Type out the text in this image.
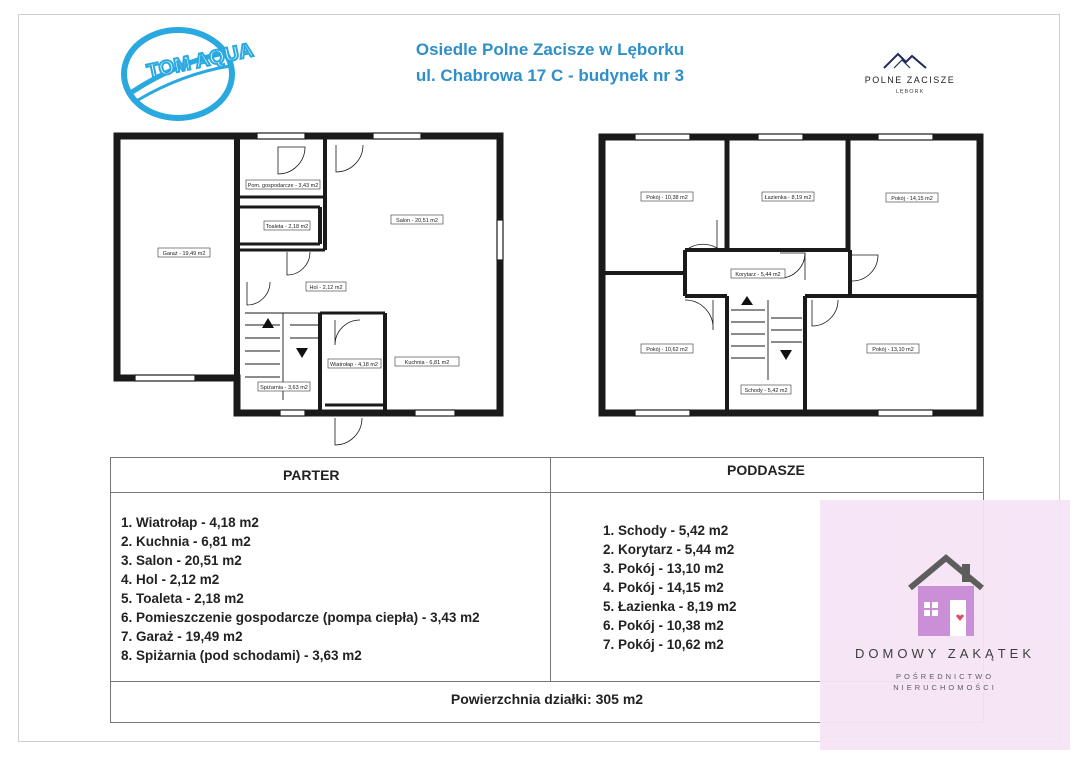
Osiedle Polne Zacisze w Lęborku
ul. Chabrowa 17 C - budynek nr 3
TOM AQUA	POLNE ZACISZE
LĘBORK
Pom. gospodarcze - 3,43 m2
Toaleta - 2,18 m2
Salon - 20,51 m2
Garaż - 19,49 m2
Hol - 2,12 m2
Wiatrołap - 4,18 m2	Kuchnia - 6,81 m2
Spiżarnia - 3,63 m2
Pokój - 10,38 m2	Łazienka - 8,19 m2	Pokój - 14,15 m2
Korytarz - 5,44 m2
Pokój - 10,62 m2	Pokój - 13,10 m2
Schody - 5,42 m2
PARTER	PODDASZE
1. Wiatrołap - 4,18 m2
2. Kuchnia - 6,81 m2
3. Salon - 20,51 m2
4. Hol - 2,12 m2
5. Toaleta - 2,18 m2
6. Pomieszczenie gospodarcze (pompa ciepła) - 3,43 m2
7. Garaż - 19,49 m2
8. Spiżarnia (pod schodami) - 3,63 m2
1. Schody - 5,42 m2
2. Korytarz - 5,44 m2
3. Pokój - 13,10 m2
4. Pokój - 14,15 m2
5. Łazienka - 8,19 m2
6. Pokój - 10,38 m2
7. Pokój - 10,62 m2
Powierzchnia działki: 305 m2
DOMOWY ZAKĄTEK
POŚREDNICTWO
NIERUCHOMOŚCI
